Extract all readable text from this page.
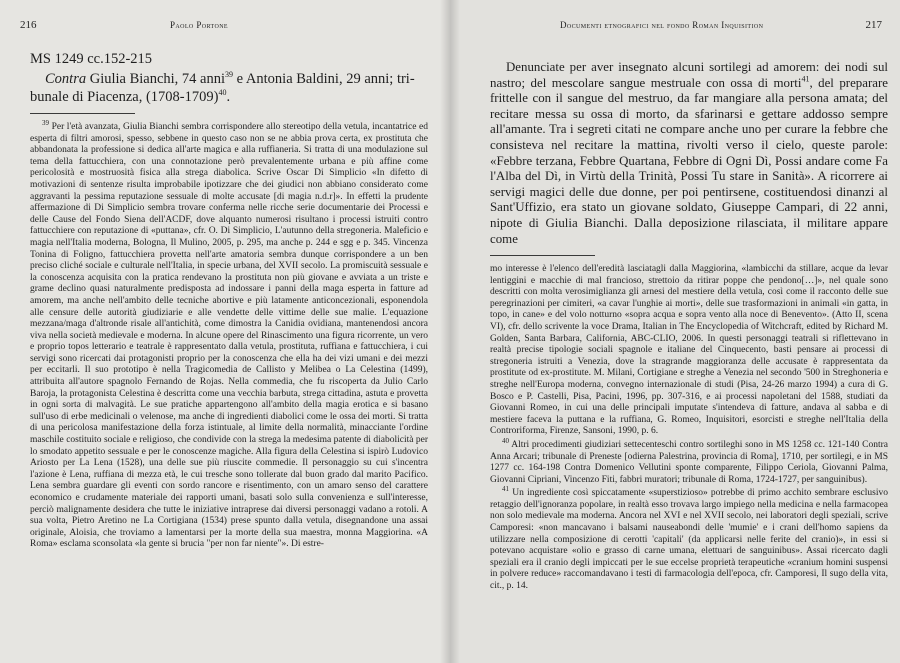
216	Paolo Portone

MS 1249 cc.152-215

Contra Giulia Bianchi, 74 anni$^{39}$ e Antonia Baldini, 29 anni; tri-

bunale di Piacenza, (1708-1709)$^{40}$.

$^{39}$ Per l'età avanzata, Giulia Bianchi sembra corrispondere allo stereotipo della vetula, incantatrice ed esperta di filtri amorosi, spesso, sebbene in questo caso non se ne abbia prova certa, ex prostituta che abbandonata la professione si dedica all'arte magica e alla ruffianeria. Si tratta di una modulazione sul tema della fattucchiera, con una connotazione però prevalentemente urbana e più affine come pericolosità e mostruosità fisica alla strega diabolica. Scrive Oscar Di Simplicio «In difetto di motivazioni di sentenze risulta improbabile ipotizzare che dei giudici non abbiano considerato come aggravanti la pessima reputazione sessuale di molte accusate [di magia n.d.r]». In effetti la prudente affermazione di Di Simplicio sembra trovare conferma nelle ricche serie documentarie dei Processi e delle Cause del Fondo Siena dell'ACDF, dove alquanto numerosi risultano i processi istruiti contro fattucchiere con reputazione di «puttana», cfr. O. Di Simplicio, L'autunno della stregoneria. Maleficio e magia nell'Italia moderna, Bologna, Il Mulino, 2005, p. 295, ma anche p. 244 e sgg e p. 345. Vincenza Tonina di Foligno, fattucchiera provetta nell'arte amatoria sembra dunque corrispondere a un ben preciso cliché sociale e culturale nell'Italia, in specie urbana, del XVII secolo. La promiscuità sessuale e la conoscenza acquisita con la pratica rendevano la prostituta non più giovane e avviata a un triste e grame declino quasi naturalmente predisposta ad indossare i panni della maga esperta in fatture ad amorem, ma anche nell'ambito delle tecniche abortive e più latamente anticoncezionali, esponendola alle censure delle autorità giudiziarie e alle vendette delle vittime delle sue malie. L'equazione mezzana/maga d'altronde risale all'antichità, come dimostra la Canidia ovidiana, mantenendosi ancora viva nella società medievale e moderna. In alcune opere del Rinascimento una figura ricorrente, un vero e proprio topos letterario e teatrale è rappresentato dalla vetula, prostituta, ruffiana e fattucchiera, i cui servigi sono ricercati dai protagonisti proprio per la conoscenza che ella ha dei vizi umani e dei mezzi per eccitarli. Il suo prototipo è nella Tragicomedia de Callisto y Melibea o La Celestina (1499), attribuita all'autore spagnolo Fernando de Rojas. Nella commedia, che fu riscoperta da Julio Carlo Baroja, la protagonista Celestina è descritta come una vecchia barbuta, strega cittadina, astuta e provetta in ogni sorta di malvagità. Le sue pratiche appartengono all'ambito della magia erotica e si basano sull'uso di erbe medicinali o velenose, ma anche di ingredienti diabolici come le ossa dei morti. Si tratta di una pericolosa manifestazione della forza istintuale, al limite della normalità, minacciante l'ordine maschile costituito sociale e religioso, che condivide con la strega la medesima patente di diabolicità per lo smodato appetito sessuale e per le conoscenze magiche. Alla figura della Celestina si ispirò Ludovico Ariosto per La Lena (1528), una delle sue più riuscite commedie. Il personaggio su cui s'incentra l'azione è Lena, ruffiana di mezza età, le cui tresche sono tollerate dal buon grado dal marito Pacifico. Lena sembra guardare gli eventi con sordo rancore e risentimento, con un amaro senso del carattere economico e crudamente materiale dei rapporti umani, basati solo sulla convenienza e sull'interesse, perciò malignamente desidera che tutte le iniziative intraprese dai diversi personaggi vadano a rotoli. A sua volta, Pietro Aretino ne La Cortigiana (1534) prese spunto dalla vetula, disegnandone una assai originale, Aloisia, che troviamo a lamentarsi per la morte della sua maestra, monna Maggiorina. «A Roma» esclama sconsolata «la gente si brucia "per non far niente"». Di estre-

Documenti etnografici nel fondo Roman Inquisition	217

Denunciate per aver insegnato alcuni sortilegi ad amorem: dei nodi sul nastro; del mescolare sangue mestruale con ossa di morti$^{41}$, del preparare frittelle con il sangue del mestruo, da far mangiare alla persona amata; del recitare messa su ossa di morto, da sfarinarsi e gettare addosso sempre all'amante. Tra i segreti citati ne compare anche uno per curare la febbre che consisteva nel recitare la mattina, rivolti verso il cielo, queste parole: «Febbre terzana, Febbre Quartana, Febbre di Ogni Dì, Possi andare come Fa l'Alba del Dì, in Virtù della Trinità, Possi Tu stare in Sanità». A ricorrere ai servigi magici delle due donne, per poi pentirsene, costituendosi dinanzi al Sant'Uffizio, era stato un giovane soldato, Giuseppe Campari, di 22 anni, nipote di Giulia Bianchi. Dalla deposizione rilasciata, il militare appare come

mo interesse è l'elenco dell'eredità lasciatagli dalla Maggiorina, «lambicchi da stillare, acque da levar lentiggini e macchie di mal francioso, strettoio da ritirar poppe che pendono[…]», nel quale sono descritti con molta verosimiglianza gli arnesi del mestiere della vetula, così come il racconto delle sue peregrinazioni per cimiteri, «a cavar l'unghie ai morti», delle sue trasformazioni in animali «in gatta, in topo, in cane» e del volo notturno «sopra acqua e sopra vento alla noce di Benevento». (Atto II, scena VI), cfr. dello scrivente la voce Drama, Italian in The Encyclopedia of Witchcraft, edited by Richard M. Golden, Santa Barbara, California, ABC-CLIO, 2006. In questi personaggi teatrali si riflettevano in realtà precise tipologie sociali spagnole e italiane del Cinquecento, basti pensare ai processi di stregoneria istruiti a Venezia, dove la stragrande maggioranza delle accusate è rappresentata da prostitute od ex-prostitute. M. Milani, Cortigiane e streghe a Venezia nel secondo '500 in Streghoneria e streghe nell'Europa moderna, convegno internazionale di studi (Pisa, 24-26 marzo 1994) a cura di G. Bosco e P. Castelli, Pisa, Pacini, 1996, pp. 307-316, e ai processi napoletani del 1588, studiati da Giovanni Romeo, in cui una delle principali imputate s'intendeva di fatture, andava al sabba e di mestiere faceva la puttana e la ruffiana, G. Romeo, Inquisitori, esorcisti e streghe nell'Italia della Controriforma, Firenze, Sansoni, 1990, p. 6.

$^{40}$ Altri procedimenti giudiziari settecenteschi contro sortileghi sono in MS 1258 cc. 121-140 Contra Anna Arcari; tribunale di Preneste [odierna Palestrina, provincia di Roma], 1710, per sortilegi, e in MS 1277 cc. 164-198 Contra Domenico Vellutini sponte comparente, Filippo Ceriola, Giovanni Palma, Giovanni Cipriani, Vincenzo Fiti, fabbri muratori; tribunale di Roma, 1724-1727, per sanguinibus).

$^{41}$ Un ingrediente così spiccatamente «superstizioso» potrebbe di primo acchito sembrare esclusivo retaggio dell'ignoranza popolare, in realtà esso trovava largo impiego nella medicina e nella farmacopea non solo medievale ma moderna. Ancora nel XVI e nel XVII secolo, nei laboratori degli speziali, scrive Camporesi: «non mancavano i balsami nauseabondi delle 'mumie' e i crani dell'homo sapiens da utilizzare nella composizione di cerotti 'capitali' (da applicarsi nelle ferite del cranio)», in essi si potevano acquistare «olio e grasso di carne umana, elettuari de sanguinibus». Assai ricercato dagli speziali era il cranio degli impiccati per le sue eccelse proprietà terapeutiche «cranium homini suspensi in polvere reduce» raccomandavano i testi di farmacologia dell'epoca, cfr. Camporesi, Il sugo della vita, cit., p. 14.
